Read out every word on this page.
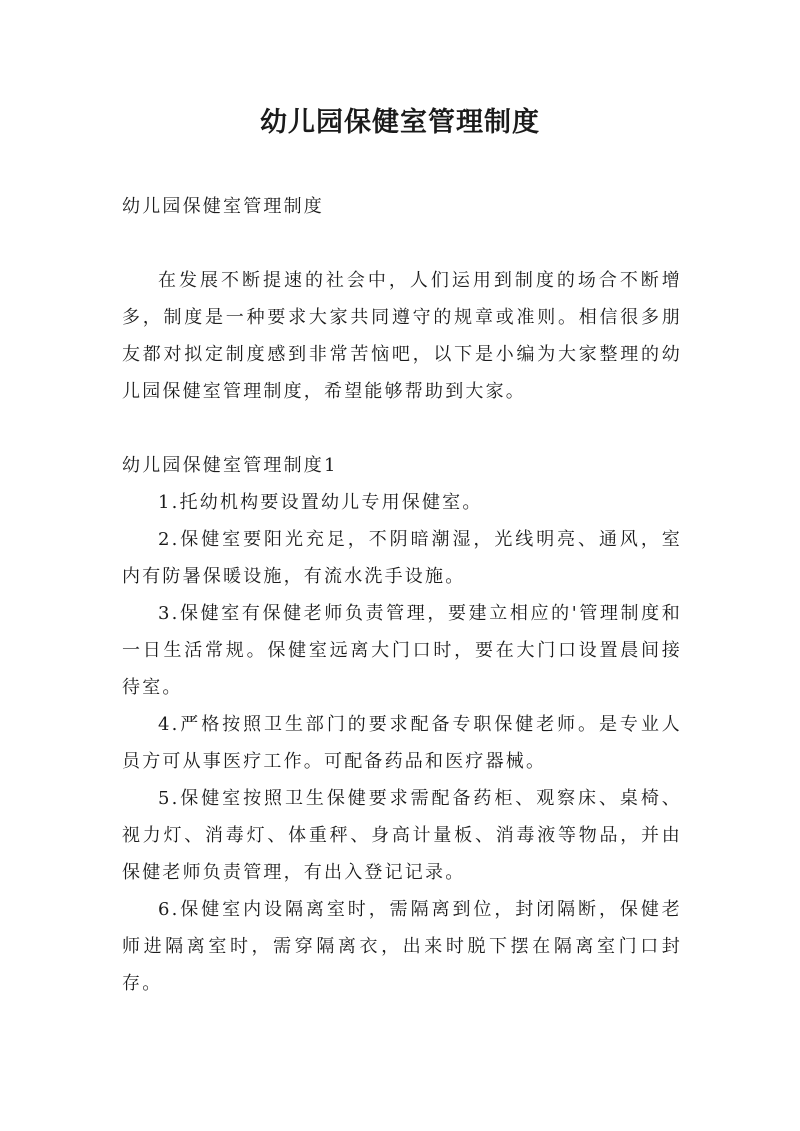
幼儿园保健室管理制度

幼儿园保健室管理制度

在发展不断提速的社会中，人们运用到制度的场合不断增多，制度是一种要求大家共同遵守的规章或准则。相信很多朋友都对拟定制度感到非常苦恼吧，以下是小编为大家整理的幼儿园保健室管理制度，希望能够帮助到大家。

幼儿园保健室管理制度1

1.托幼机构要设置幼儿专用保健室。

2.保健室要阳光充足，不阴暗潮湿，光线明亮、通风，室内有防暑保暖设施，有流水洗手设施。

3.保健室有保健老师负责管理，要建立相应的'管理制度和一日生活常规。保健室远离大门口时，要在大门口设置晨间接待室。

4.严格按照卫生部门的要求配备专职保健老师。是专业人员方可从事医疗工作。可配备药品和医疗器械。

5.保健室按照卫生保健要求需配备药柜、观察床、桌椅、视力灯、消毒灯、体重秤、身高计量板、消毒液等物品，并由保健老师负责管理，有出入登记记录。

6.保健室内设隔离室时，需隔离到位，封闭隔断，保健老师进隔离室时，需穿隔离衣，出来时脱下摆在隔离室门口封存。
